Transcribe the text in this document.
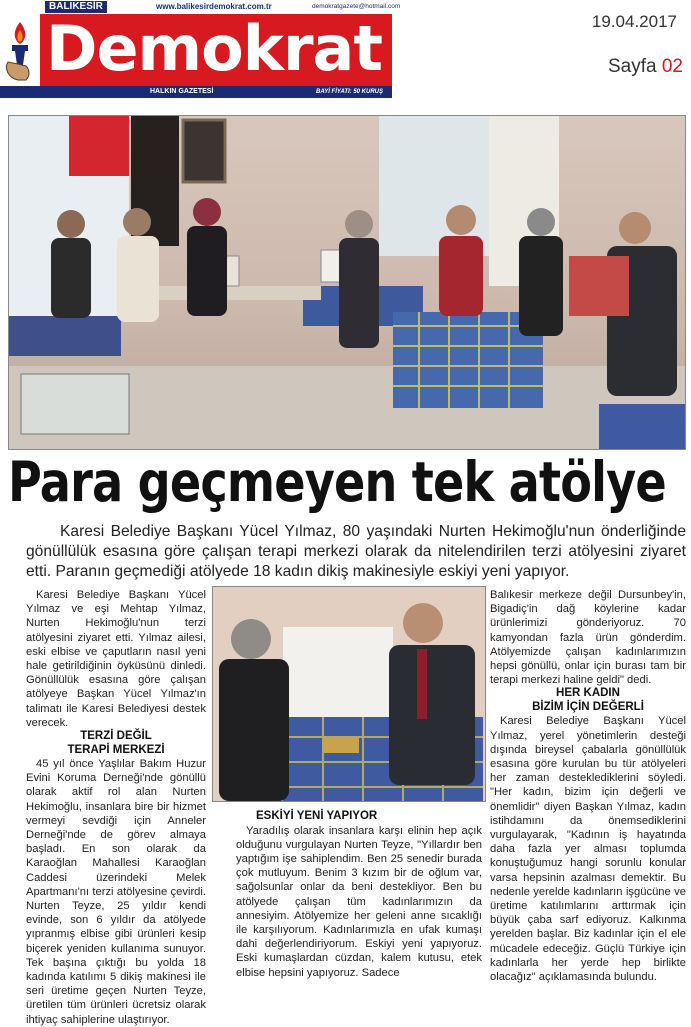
BALIKESİR	www.balikesirdemokrat.com.tr	demokratgazete@hotmail.com
Demokrat
HALKIN GAZETESİ	BAYİ FİYATI: 50 KURUŞ
19.04.2017
Sayfa 02
Para geçmeyen tek atölye

Karesi Belediye Başkanı Yücel Yılmaz, 80 yaşındaki Nurten Hekimoğlu'nun önderliğinde gönüllülük esasına göre çalışan terapi merkezi olarak da nitelendirilen terzi atölyesini ziyaret etti. Paranın geçmediği atölyede 18 kadın dikiş makinesiyle eskiyi yeni yapıyor.

Karesi Belediye Başkanı Yücel Yılmaz ve eşi Mehtap Yılmaz, Nurten Hekimoğlu'nun terzi atölyesini ziyaret etti. Yılmaz ailesi, eski elbise ve çaputların nasıl yeni hale getirildiğinin öyküsünü dinledi. Gönüllülük esasına göre çalışan atölyeye Başkan Yücel Yılmaz'ın talimatı ile Karesi Belediyesi destek verecek.

TERZİ DEĞİL
TERAPİ MERKEZİ

45 yıl önce Yaşlılar Bakım Huzur Evini Koruma Derneği'nde gönüllü olarak aktif rol alan Nurten Hekimoğlu, insanlara bire bir hizmet vermeyi sevdiği için Anneler Derneği'nde de görev almaya başladı. En son olarak da Karaoğlan Mahallesi Karaoğlan Caddesi üzerindeki Melek Apartmanı'nı terzi atölyesine çevirdi. Nurten Teyze, 25 yıldır kendi evinde, son 6 yıldır da atölyede yıpranmış elbise gibi ürünleri kesip biçerek yeniden kullanıma sunuyor. Tek başına çıktığı bu yolda 18 kadında katılımı 5 dikiş makinesi ile seri üretime geçen Nurten Teyze, üretilen tüm ürünleri ücretsiz olarak ihtiyaç sahiplerine ulaştırıyor.

ESKİYİ YENİ YAPIYOR

Yaradılış olarak insanlara karşı elinin hep açık olduğunu vurgulayan Nurten Teyze, "Yıllardır ben yaptığım işe sahiplendim. Ben 25 senedir burada çok mutluyum. Benim 3 kızım bir de oğlum var, sağolsunlar onlar da beni destekliyor. Ben bu atölyede çalışan tüm kadınlarımızın da annesiyim. Atölyemize her geleni anne sıcaklığı ile karşılıyorum. Kadınlarımızla en ufak kumaşı dahi değerlendiriyorum. Eskiyi yeni yapıyoruz. Eski kumaşlardan cüzdan, kalem kutusu, etek elbise hepsini yapıyoruz. Sadece

Balıkesir merkeze değil Dursunbey'in, Bigadiç'in dağ köylerine kadar ürünlerimizi gönderiyoruz. 70 kamyondan fazla ürün gönderdim. Atölyemizde çalışan kadınlarımızın hepsi gönüllü, onlar için burası tam bir terapi merkezi haline geldi" dedi.

HER KADIN
BİZİM İÇİN DEĞERLİ

Karesi Belediye Başkanı Yücel Yılmaz, yerel yönetimlerin desteği dışında bireysel çabalarla gönüllülük esasına göre kurulan bu tür atölyeleri her zaman desteklediklerini söyledi. "Her kadın, bizim için değerli ve önemlidir" diyen Başkan Yılmaz, kadın istihdamını da önemsediklerini vurgulayarak, "Kadının iş hayatında daha fazla yer alması toplumda konuştuğumuz hangi sorunlu konular varsa hepsinin azalması demektir. Bu nedenle yerelde kadınların işgücüne ve üretime katılımlarını arttırmak için büyük çaba sarf ediyoruz. Kalkınma yerelden başlar. Biz kadınlar için el ele mücadele edeceğiz. Güçlü Türkiye için kadınlarla her yerde hep birlikte olacağız" açıklamasında bulundu.
